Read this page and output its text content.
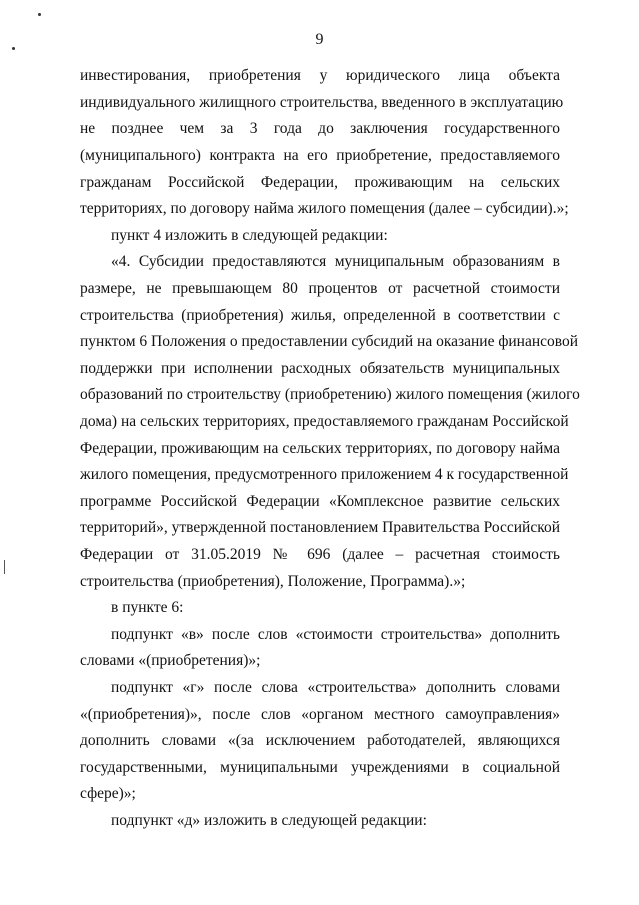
9
инвестирования, приобретения у юридического лица объекта
индивидуального жилищного строительства, введенного в эксплуатацию
не позднее чем за 3 года до заключения государственного
(муниципального) контракта на его приобретение, предоставляемого
гражданам Российской Федерации, проживающим на сельских
территориях, по договору найма жилого помещения (далее – субсидии).»;
пункт 4 изложить в следующей редакции:
«4. Субсидии предоставляются муниципальным образованиям в
размере, не превышающем 80 процентов от расчетной стоимости
строительства (приобретения) жилья, определенной в соответствии с
пунктом 6 Положения о предоставлении субсидий на оказание финансовой
поддержки при исполнении расходных обязательств муниципальных
образований по строительству (приобретению) жилого помещения (жилого
дома) на сельских территориях, предоставляемого гражданам Российской
Федерации, проживающим на сельских территориях, по договору найма
жилого помещения, предусмотренного приложением 4 к государственной
программе Российской Федерации «Комплексное развитие сельских
территорий», утвержденной постановлением Правительства Российской
Федерации от 31.05.2019 № 696 (далее – расчетная стоимость
строительства (приобретения), Положение, Программа).»;
в пункте 6:
подпункт «в» после слов «стоимости строительства» дополнить
словами «(приобретения)»;
подпункт «г» после слова «строительства» дополнить словами
«(приобретения)», после слов «органом местного самоуправления»
дополнить словами «(за исключением работодателей, являющихся
государственными, муниципальными учреждениями в социальной
сфере)»;
подпункт «д» изложить в следующей редакции:
